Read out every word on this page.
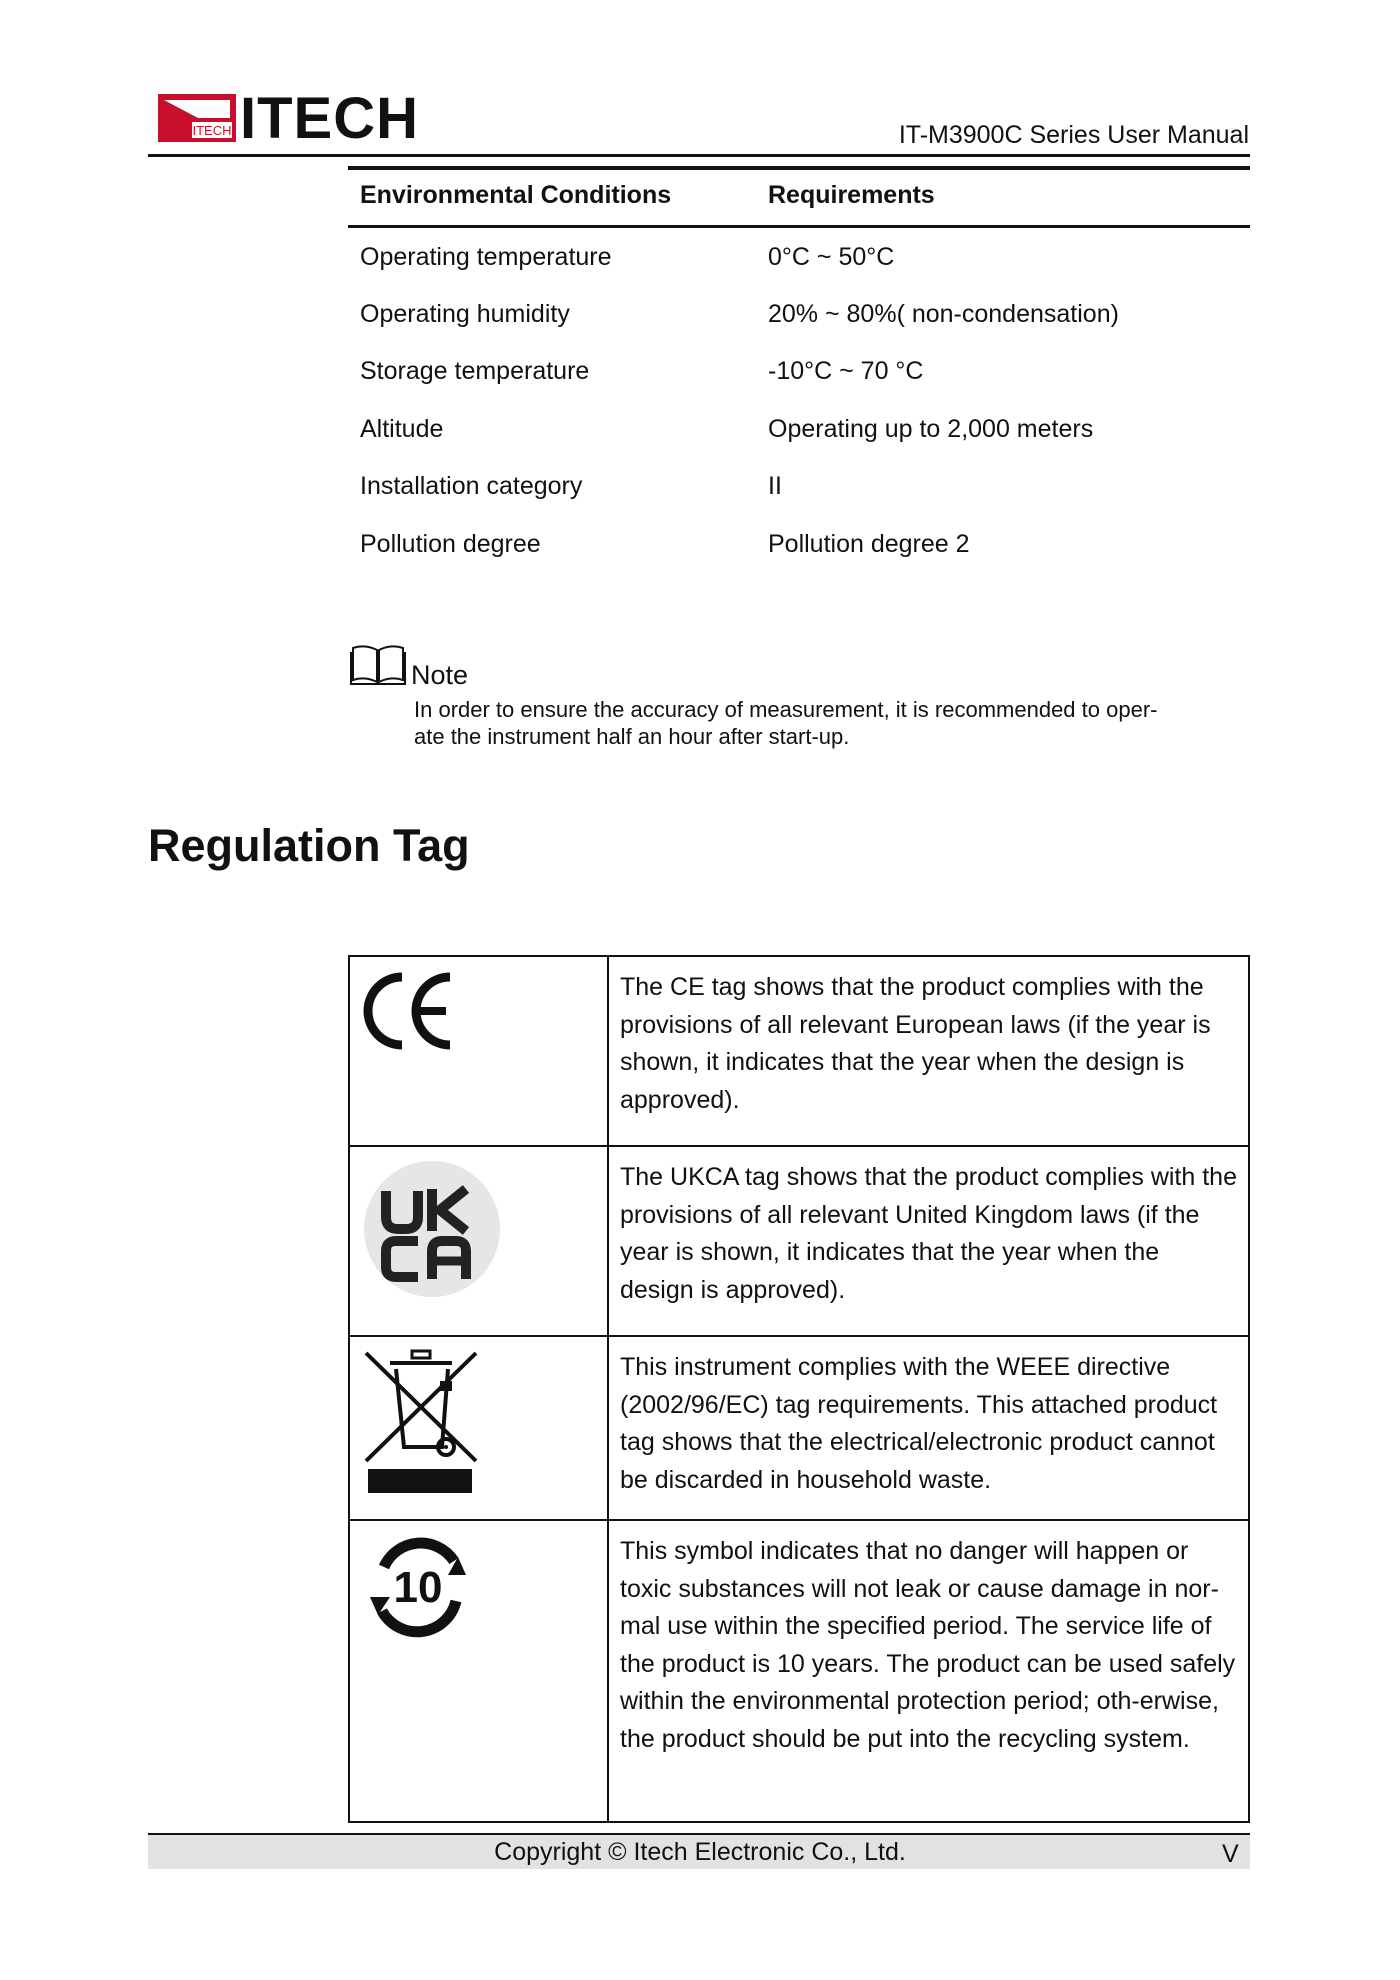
ITECH ITECH	IT-M3900C Series User Manual
Environmental Conditions	Requirements
Operating temperature	0°C ~ 50°C
Operating humidity	20% ~ 80%( non-condensation)
Storage temperature	-10°C ~ 70 °C
Altitude	Operating up to 2,000 meters
Installation category	II
Pollution degree	Pollution degree 2
Note
In order to ensure the accuracy of measurement, it is recommended to oper-
ate the instrument half an hour after start-up.
Regulation Tag
	The CE tag shows that the product complies with the provisions of all relevant European laws (if the year is shown, it indicates that the year when the design is approved).

	The UKCA tag shows that the product complies with the provisions of all relevant United Kingdom laws (if the year is shown, it indicates that the year when the design is approved).

	This instrument complies with the WEEE directive (2002/96/EC) tag requirements. This attached product tag shows that the electrical/electronic product cannot be discarded in household waste.

10	This symbol indicates that no danger will happen or toxic substances will not leak or cause damage in nor-mal use within the specified period. The service life of the product is 10 years. The product can be used safely within the environmental protection period; oth-erwise, the product should be put into the recycling system.
Copyright © Itech Electronic Co., Ltd.	V
